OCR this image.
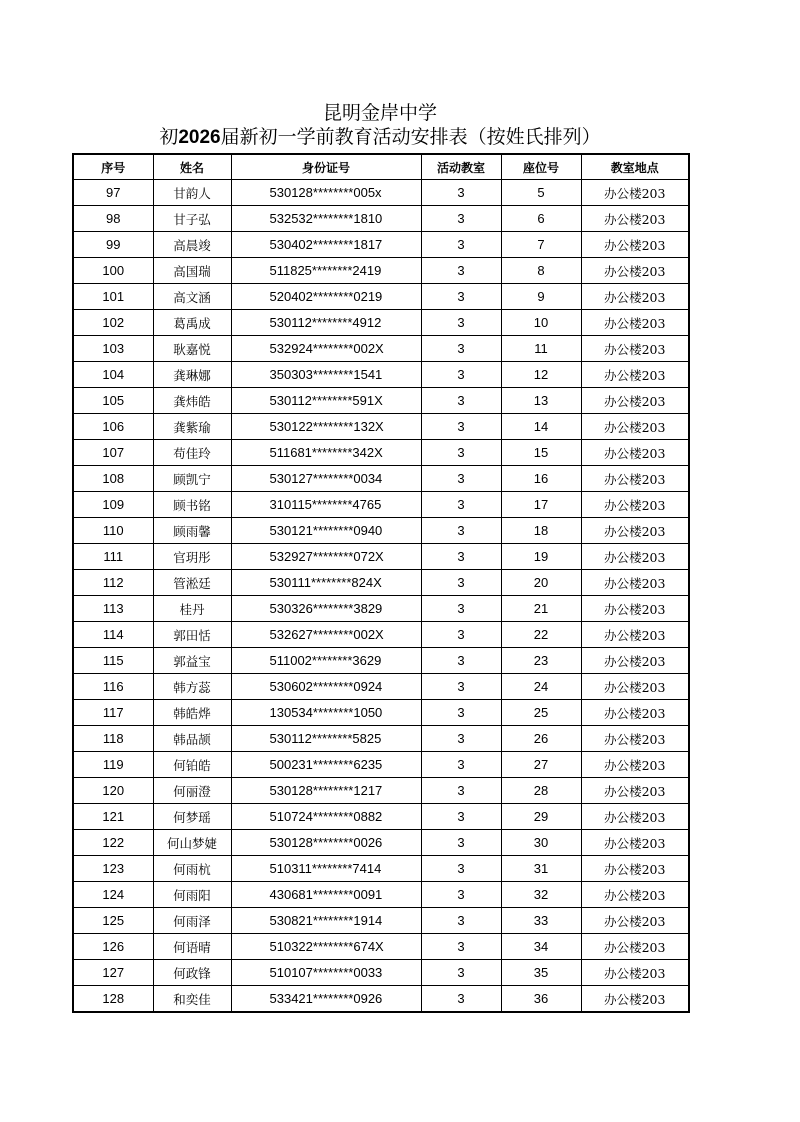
昆明金岸中学
初2026届新初一学前教育活动安排表（按姓氏排列）
序号	姓名	身份证号	活动教室	座位号	教室地点
97	甘韵人	530128********005x	3	5	办公楼203
98	甘子弘	532532********1810	3	6	办公楼203
99	高晨竣	530402********1817	3	7	办公楼203
100	高国瑞	511825********2419	3	8	办公楼203
101	高文涵	520402********0219	3	9	办公楼203
102	葛禹成	530112********4912	3	10	办公楼203
103	耿嘉悦	532924********002X	3	11	办公楼203
104	龚琳娜	350303********1541	3	12	办公楼203
105	龚炜皓	530112********591X	3	13	办公楼203
106	龚紫瑜	530122********132X	3	14	办公楼203
107	苟佳玲	511681********342X	3	15	办公楼203
108	顾凯宁	530127********0034	3	16	办公楼203
109	顾书铭	310115********4765	3	17	办公楼203
110	顾雨馨	530121********0940	3	18	办公楼203
111	官玥彤	532927********072X	3	19	办公楼203
112	管淞廷	530111********824X	3	20	办公楼203
113	桂丹	530326********3829	3	21	办公楼203
114	郭田恬	532627********002X	3	22	办公楼203
115	郭益宝	511002********3629	3	23	办公楼203
116	韩方蕊	530602********0924	3	24	办公楼203
117	韩皓烨	130534********1050	3	25	办公楼203
118	韩品颉	530112********5825	3	26	办公楼203
119	何铂皓	500231********6235	3	27	办公楼203
120	何丽澄	530128********1217	3	28	办公楼203
121	何梦瑶	510724********0882	3	29	办公楼203
122	何山梦婕	530128********0026	3	30	办公楼203
123	何雨杭	510311********7414	3	31	办公楼203
124	何雨阳	430681********0091	3	32	办公楼203
125	何雨泽	530821********1914	3	33	办公楼203
126	何语晴	510322********674X	3	34	办公楼203
127	何政锋	510107********0033	3	35	办公楼203
128	和奕佳	533421********0926	3	36	办公楼203
